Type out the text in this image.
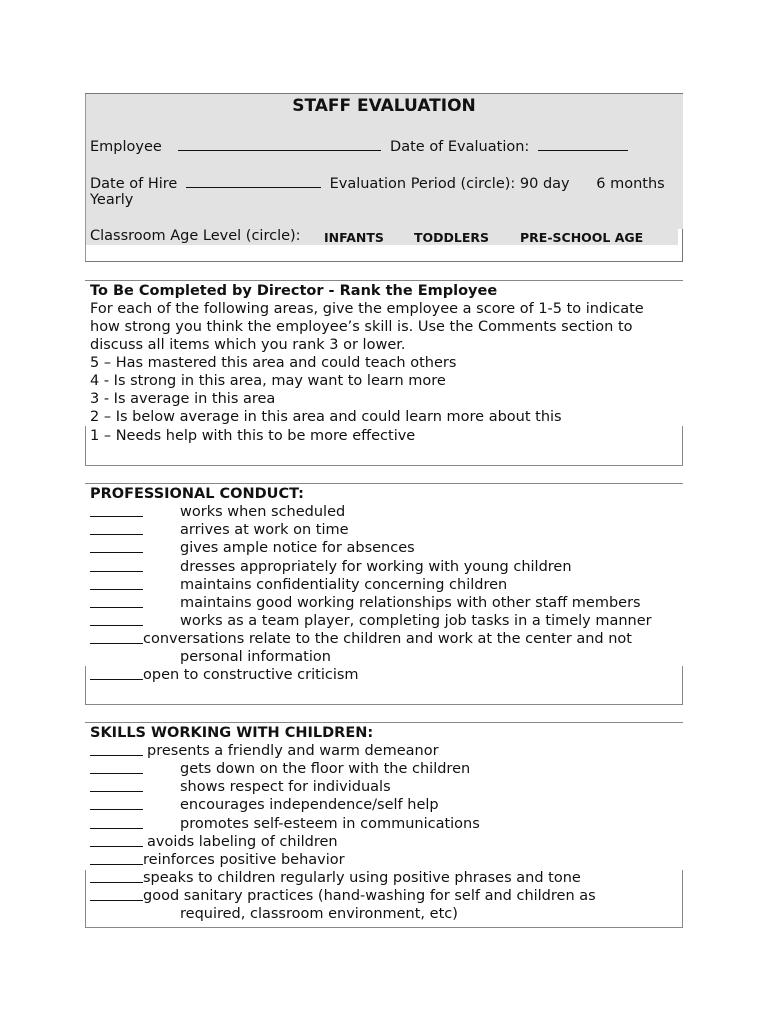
STAFF EVALUATION
Employee	Date of Evaluation:
Date of Hire	Evaluation Period (circle): 90 day 6 months
Yearly
Classroom Age Level (circle): INFANTS TODDLERS PRE-SCHOOL AGE
To Be Completed by Director - Rank the Employee
For each of the following areas, give the employee a score of 1-5 to indicate
how strong you think the employee’s skill is. Use the Comments section to
discuss all items which you rank 3 or lower.
5 – Has mastered this area and could teach others
4 - Is strong in this area, may want to learn more
3 - Is average in this area
2 – Is below average in this area and could learn more about this
1 – Needs help with this to be more effective
PROFESSIONAL CONDUCT:
works when scheduled
arrives at work on time
gives ample notice for absences
dresses appropriately for working with young children
maintains confidentiality concerning children
maintains good working relationships with other staff members
works as a team player, completing job tasks in a timely manner
conversations relate to the children and work at the center and not
personal information
open to constructive criticism
SKILLS WORKING WITH CHILDREN:
presents a friendly and warm demeanor
gets down on the floor with the children
shows respect for individuals
encourages independence/self help
promotes self-esteem in communications
avoids labeling of children
reinforces positive behavior
speaks to children regularly using positive phrases and tone
good sanitary practices (hand-washing for self and children as
required, classroom environment, etc)
